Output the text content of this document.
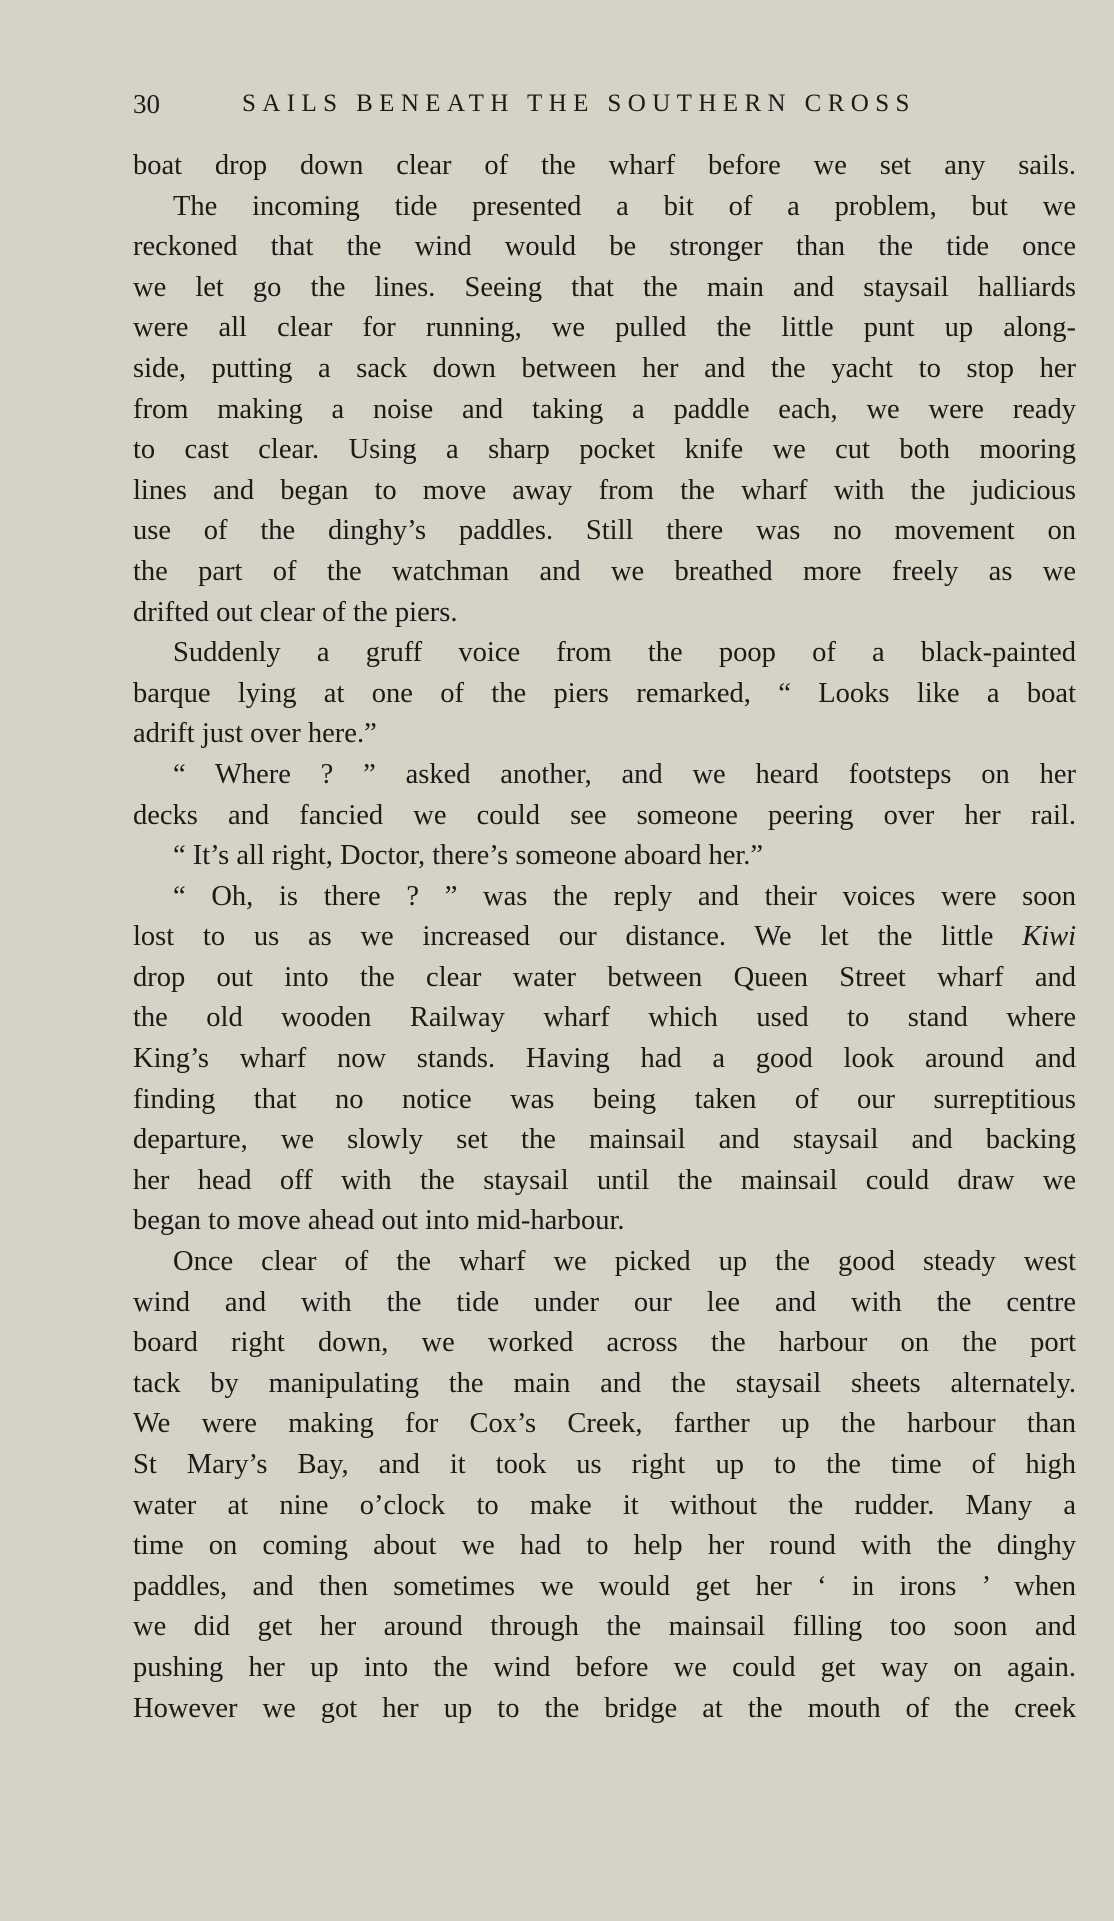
30	SAILS BENEATH THE SOUTHERN CROSS
boat drop down clear of the wharf before we set any sails.
The incoming tide presented a bit of a problem, but we
reckoned that the wind would be stronger than the tide once
we let go the lines. Seeing that the main and staysail halliards
were all clear for running, we pulled the little punt up along-
side, putting a sack down between her and the yacht to stop her
from making a noise and taking a paddle each, we were ready
to cast clear. Using a sharp pocket knife we cut both mooring
lines and began to move away from the wharf with the judicious
use of the dinghy’s paddles. Still there was no movement on
the part of the watchman and we breathed more freely as we
drifted out clear of the piers.
Suddenly a gruff voice from the poop of a black-painted
barque lying at one of the piers remarked, “ Looks like a boat
adrift just over here.”
“ Where ? ” asked another, and we heard footsteps on her
decks and fancied we could see someone peering over her rail.
“ It’s all right, Doctor, there’s someone aboard her.”
“ Oh, is there ? ” was the reply and their voices were soon
lost to us as we increased our distance. We let the little Kiwi
drop out into the clear water between Queen Street wharf and
the old wooden Railway wharf which used to stand where
King’s wharf now stands. Having had a good look around and
finding that no notice was being taken of our surreptitious
departure, we slowly set the mainsail and staysail and backing
her head off with the staysail until the mainsail could draw we
began to move ahead out into mid-harbour.
Once clear of the wharf we picked up the good steady west
wind and with the tide under our lee and with the centre
board right down, we worked across the harbour on the port
tack by manipulating the main and the staysail sheets alternately.
We were making for Cox’s Creek, farther up the harbour than
St Mary’s Bay, and it took us right up to the time of high
water at nine o’clock to make it without the rudder. Many a
time on coming about we had to help her round with the dinghy
paddles, and then sometimes we would get her ‘ in irons ’ when
we did get her around through the mainsail filling too soon and
pushing her up into the wind before we could get way on again.
However we got her up to the bridge at the mouth of the creek
